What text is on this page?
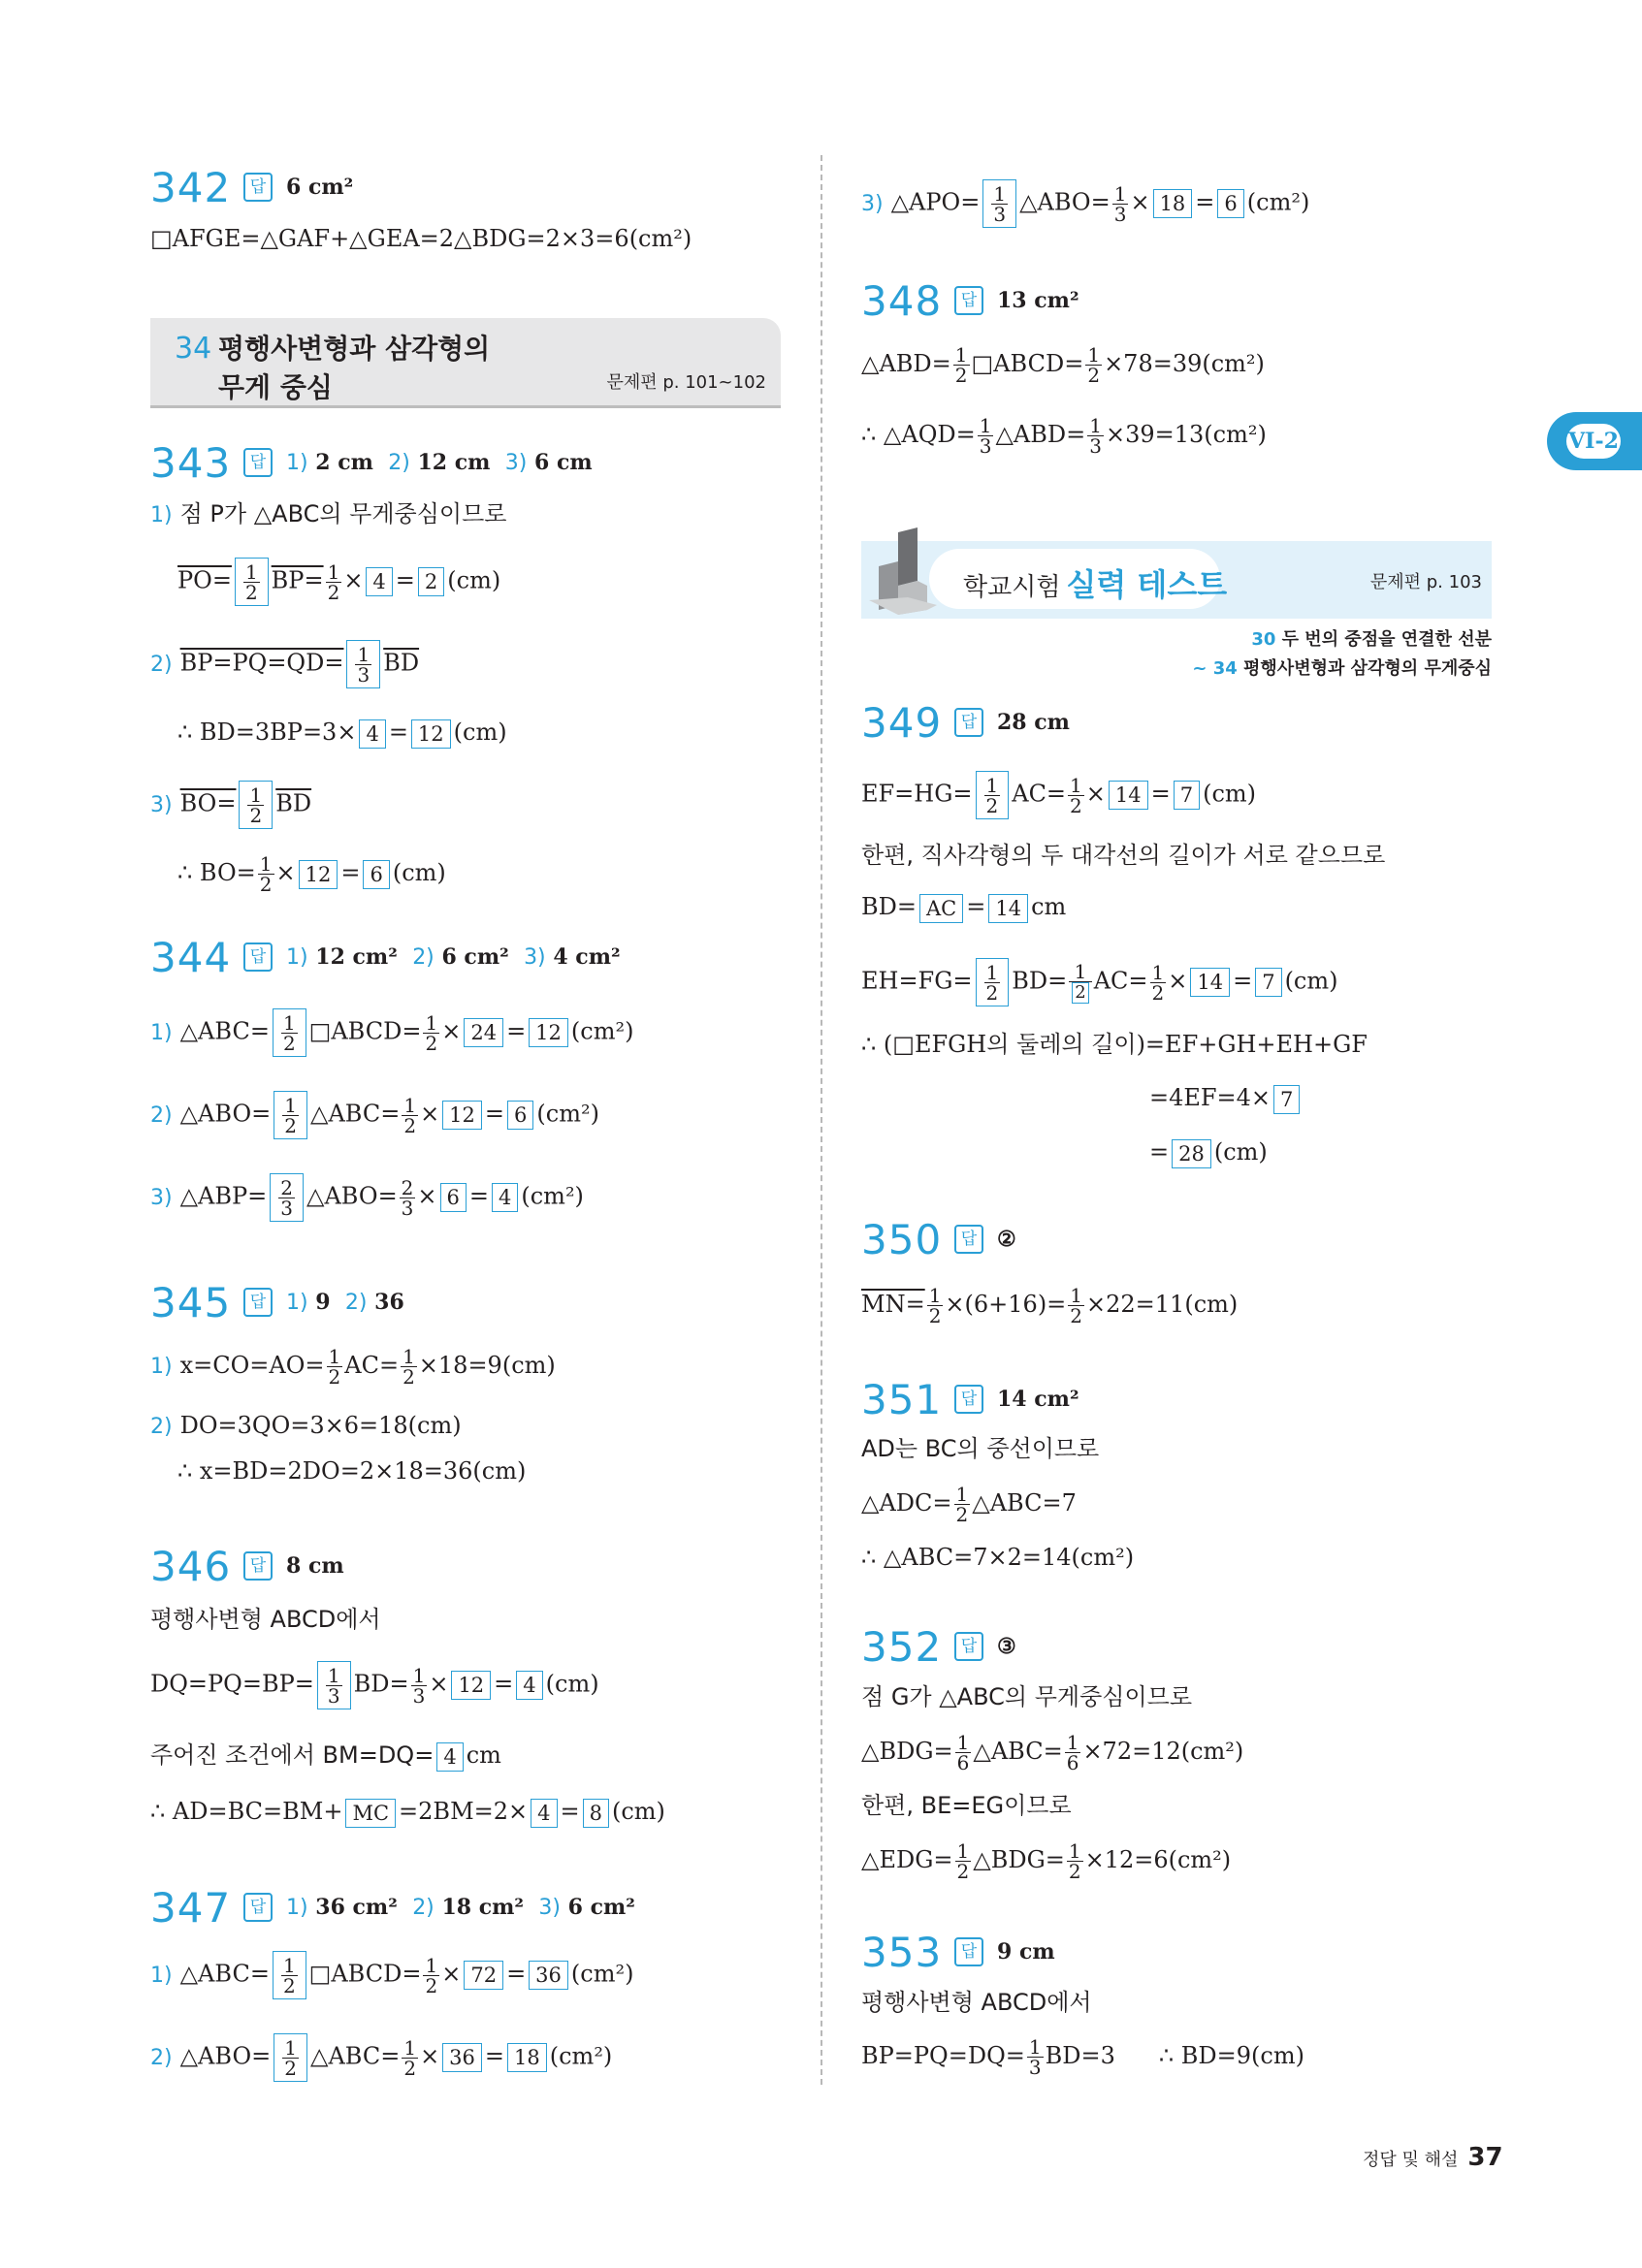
VI-2
342	답 6 cm²
□AFGE=△GAF+△GEA=2△BDG=2×3=6(cm²)
34 평행사변형과 삼각형의
무게 중심	문제편 p. 101~102
343	답 1) 2 cm 2) 12 cm 3) 6 cm
1) 점 P가 △ABC의 무게중심이므로
$PO= \frac{1}{2} BP= \frac{1}{2} \times 4 = 2$ (cm)
2) $BP=PQ=QD= \frac{1}{3} \overline{BD}$
∴ BD=3BP=3× 4 = 12 (cm)
3) $BO= \frac{1}{2} \overline{BD}$
∴ $BO= \frac{1}{2} \times 12 = 6$ (cm)
344	답 1) 12 cm² 2) 6 cm² 3) 4 cm²
1) △ABC= $\frac{1}{2}$ □ABCD= $\frac{1}{2} \times 24 = 12$ (cm²)
2) △ABO= $\frac{1}{2}$ △ABC= $\frac{1}{2} \times 12 = 6$ (cm²)
3) △ABP= $\frac{2}{3}$ △ABO= $\frac{2}{3} \times 6 = 4$ (cm²)
345	답 1) 9 2) 36
1) $x=CO=AO= \frac{1}{2} AC= \frac{1}{2} \times 18=9(cm)$
2) DO=3QO=3×6=18(cm)
∴ x=BD=2DO=2×18=36(cm)
346	답 8 cm
평행사변형 ABCD에서
$DQ=PQ=BP= \frac{1}{3} BD= \frac{1}{3} \times 12 = 4$ (cm)
주어진 조건에서 BM=DQ= 4 cm
∴ AD=BC=BM+ MC =2BM=2× 4 = 8 (cm)
347	답 1) 36 cm² 2) 18 cm² 3) 6 cm²
1) △ABC= $\frac{1}{2}$ □ABCD= $\frac{1}{2} \times 72 = 36$ (cm²)
2) △ABO= $\frac{1}{2}$ △ABC= $\frac{1}{2} \times 36 = 18$ (cm²)
3) △APO= $\frac{1}{3}$ △ABO= $\frac{1}{3} \times 18 = 6$ (cm²)
348	답 13 cm²
△ABD= $\frac{1}{2}$ □ABCD= $\frac{1}{2} \times 78=39(cm^2)$
∴ △AQD= $\frac{1}{3}$ △ABD= $\frac{1}{3} \times 39=13(cm^2)$
학교시험 실력 테스트	문제편 p. 103
30 두 번의 중점을 연결한 선분
~ 34 평행사변형과 삼각형의 무게중심
349	답 28 cm
$EF=HG= \frac{1}{2} AC= \frac{1}{2} \times 14 = 7$ (cm)
한편, 직사각형의 두 대각선의 길이가 서로 같으므로
BD= AC = 14 cm
$EH=FG= \frac{1}{2} BD= \frac{1}{2} AC= \frac{1}{2} \times 14 = 7$ (cm)
∴ (□EFGH의 둘레의 길이)=EF+GH+EH+GF
=4EF=4× 7
= 28 (cm)
350	답 ②
$MN= \frac{1}{2} \times(6+16)= \frac{1}{2} \times 22=11(cm)$
351	답 14 cm²
AD는 BC의 중선이므로
△ADC= $\frac{1}{2}$ △ABC=7
∴ △ABC=7×2=14(cm²)
352	답 ③
점 G가 △ABC의 무게중심이므로
△BDG= $\frac{1}{6}$ △ABC= $\frac{1}{6} \times 72=12(cm^2)$
한편, BE=EG이므로
△EDG= $\frac{1}{2}$ △BDG= $\frac{1}{2} \times 12=6(cm^2)$
353	답 9 cm
평행사변형 ABCD에서
$BP=PQ=DQ= \frac{1}{3} BD=3$ ∴ BD=9(cm)
정답 및 해설 37
